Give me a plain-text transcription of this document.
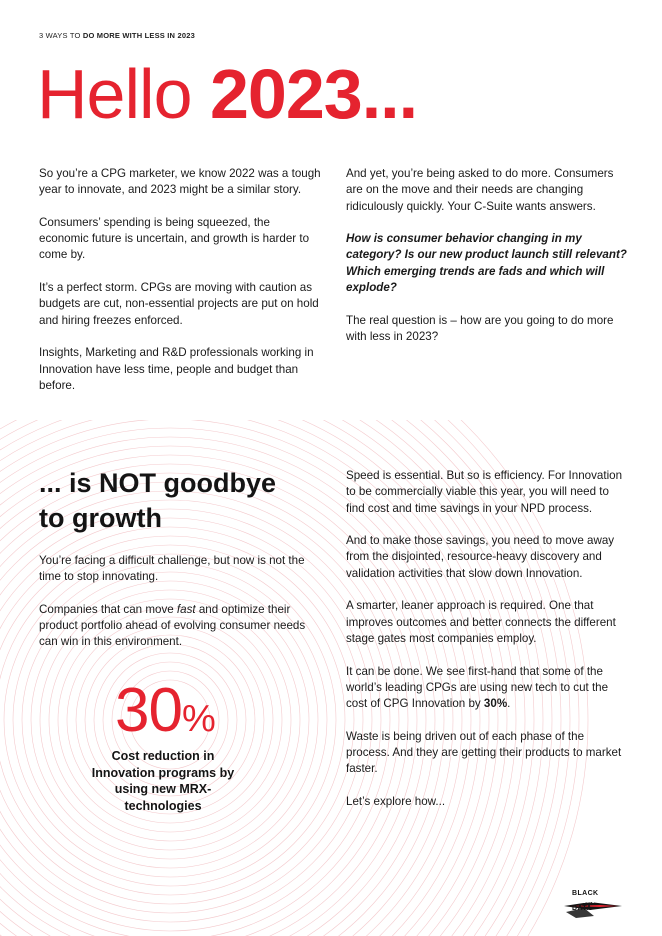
3 WAYS TO DO MORE WITH LESS IN 2023
Hello 2023...

So you’re a CPG marketer, we know 2022 was a tough year to innovate, and 2023 might be a similar story.

Consumers’ spending is being squeezed, the economic future is uncertain, and growth is harder to come by.

It’s a perfect storm. CPGs are moving with caution as budgets are cut, non-essential projects are put on hold and hiring freezes enforced.

Insights, Marketing and R&D professionals working in Innovation have less time, people and budget than before.

And yet, you’re being asked to do more. Consumers are on the move and their needs are changing ridiculously quickly. Your C-Suite wants answers.

How is consumer behavior changing in my category? Is our new product launch still relevant? Which emerging trends are fads and which will explode?

The real question is – how are you going to do more with less in 2023?

... is NOT goodbye
to growth

You’re facing a difficult challenge, but now is not the time to stop innovating.

Companies that can move fast and optimize their product portfolio ahead of evolving consumer needs can win in this environment.

30%
Cost reduction in Innovation programs by using new MRX-technologies

Speed is essential. But so is efficiency. For Innovation to be commercially viable this year, you will need to find cost and time savings in your NPD process.

And to make those savings, you need to move away from the disjointed, resource-heavy discovery and validation activities that slow down Innovation.

A smarter, leaner approach is required. One that improves outcomes and better connects the different stage gates most companies employ.

It can be done. We see first-hand that some of the world’s leading CPGs are using new tech to cut the cost of CPG Innovation by 30%.

Waste is being driven out of each phase of the process. And they are getting their products to market faster.

Let’s explore how...

BLACK
SWAN
DATA
